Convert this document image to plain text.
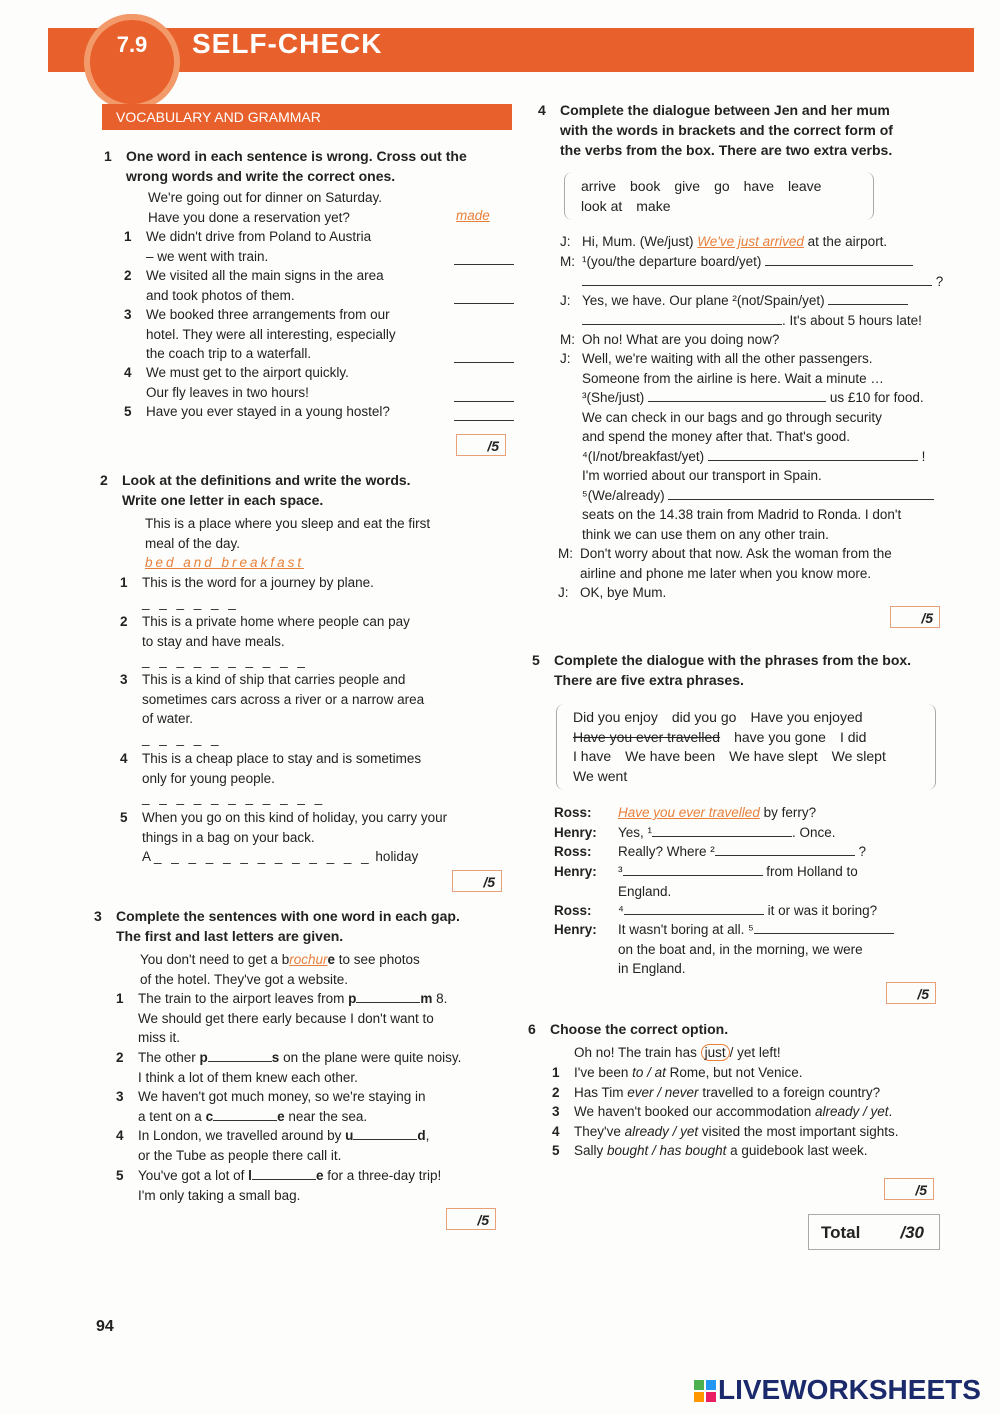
7.9	SELF-CHECK
VOCABULARY AND GRAMMAR
1 One word in each sentence is wrong. Cross out the
wrong words and write the correct ones.
We're going out for dinner on Saturday.
Have you done a reservation yet?	made
1 We didn't drive from Poland to Austria
– we went with train.
2 We visited all the main signs in the area
and took photos of them.
3 We booked three arrangements from our
hotel. They were all interesting, especially
the coach trip to a waterfall.
4 We must get to the airport quickly.
Our fly leaves in two hours!
5 Have you ever stayed in a young hostel?
/5
2 Look at the definitions and write the words.
Write one letter in each space.
This is a place where you sleep and eat the first
meal of the day.
bed and breakfast
1 This is the word for a journey by plane.
_ _ _ _ _ _
2 This is a private home where people can pay
to stay and have meals.
_ _ _ _ _ _ _ _ _ _
3 This is a kind of ship that carries people and
sometimes cars across a river or a narrow area
of water.
_ _ _ _ _
4 This is a cheap place to stay and is sometimes
only for young people.
_ _ _ _ _ _ _ _ _ _ _
5 When you go on this kind of holiday, you carry your
things in a bag on your back.
A _ _ _ _ _ _ _ _ _ _ _ _ _ holiday
/5
3 Complete the sentences with one word in each gap.
The first and last letters are given.
You don't need to get a brochure to see photos
of the hotel. They've got a website.
1 The train to the airport leaves from p	m 8.
We should get there early because I don't want to
miss it.
2 The other p	s on the plane were quite noisy.
I think a lot of them knew each other.
3 We haven't got much money, so we're staying in
a tent on a c	e near the sea.
4 In London, we travelled around by u	d,
or the Tube as people there call it.
5 You've got a lot of l	e for a three-day trip!
I'm only taking a small bag.
/5
4 Complete the dialogue between Jen and her mum
with the words in brackets and the correct form of
the verbs from the box. There are two extra verbs.
arrive book give go have leave
look at make
J: Hi, Mum. (We/just) We've just arrived at the airport.
M: ¹(you/the departure board/yet)
?
J: Yes, we have. Our plane ²(not/Spain/yet)
. It's about 5 hours late!
M: Oh no! What are you doing now?
J: Well, we're waiting with all the other passengers.
Someone from the airline is here. Wait a minute …
³(She/just)	us £10 for food.
We can check in our bags and go through security
and spend the money after that. That's good.
⁴(I/not/breakfast/yet)	!
I'm worried about our transport in Spain.
⁵(We/already)
seats on the 14.38 train from Madrid to Ronda. I don't
think we can use them on any other train.
M: Don't worry about that now. Ask the woman from the
airline and phone me later when you know more.
J: OK, bye Mum.
/5
5 Complete the dialogue with the phrases from the box.
There are five extra phrases.
Did you enjoy did you go Have you enjoyed
Have you ever travelled have you gone I did
I have We have been We have slept We slept
We went
Ross: Have you ever travelled by ferry?
Henry: Yes, ¹	. Once.
Ross: Really? Where ²	?
Henry: ³	from Holland to
England.
Ross: ⁴	it or was it boring?
Henry: It wasn't boring at all. ⁵
on the boat and, in the morning, we were
in England.
/5
6 Choose the correct option.
Oh no! The train has just / yet left!
1 I've been to / at Rome, but not Venice.
2 Has Tim ever / never travelled to a foreign country?
3 We haven't booked our accommodation already / yet.
4 They've already / yet visited the most important sights.
5 Sally bought / has bought a guidebook last week.
/5
Total /30
94
LIVEWORKSHEETS
